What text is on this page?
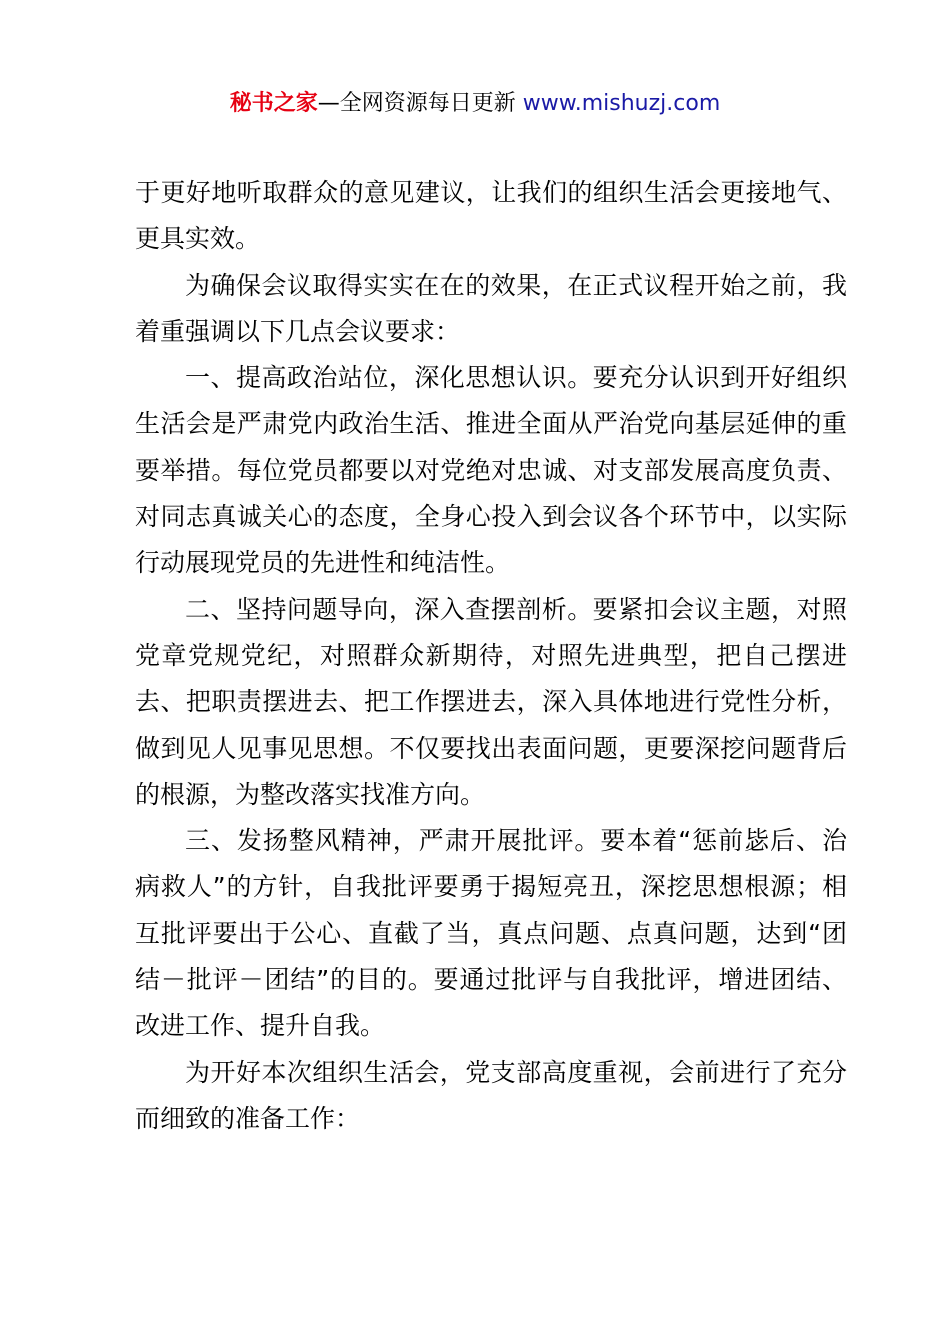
秘书之家—全网资源每日更新 www.mishuzj.com

于更好地听取群众的意见建议，让我们的组织生活会更接地气、更具实效。

为确保会议取得实实在在的效果，在正式议程开始之前，我着重强调以下几点会议要求：

一、提高政治站位，深化思想认识。要充分认识到开好组织生活会是严肃党内政治生活、推进全面从严治党向基层延伸的重要举措。每位党员都要以对党绝对忠诚、对支部发展高度负责、对同志真诚关心的态度，全身心投入到会议各个环节中，以实际行动展现党员的先进性和纯洁性。

二、坚持问题导向，深入查摆剖析。要紧扣会议主题，对照党章党规党纪，对照群众新期待，对照先进典型，把自己摆进去、把职责摆进去、把工作摆进去，深入具体地进行党性分析，做到见人见事见思想。不仅要找出表面问题，更要深挖问题背后的根源，为整改落实找准方向。

三、发扬整风精神，严肃开展批评。要本着“惩前毖后、治病救人”的方针，自我批评要勇于揭短亮丑，深挖思想根源；相互批评要出于公心、直截了当，真点问题、点真问题，达到“团结－批评－团结”的目的。要通过批评与自我批评，增进团结、改进工作、提升自我。

为开好本次组织生活会，党支部高度重视，会前进行了充分而细致的准备工作：
